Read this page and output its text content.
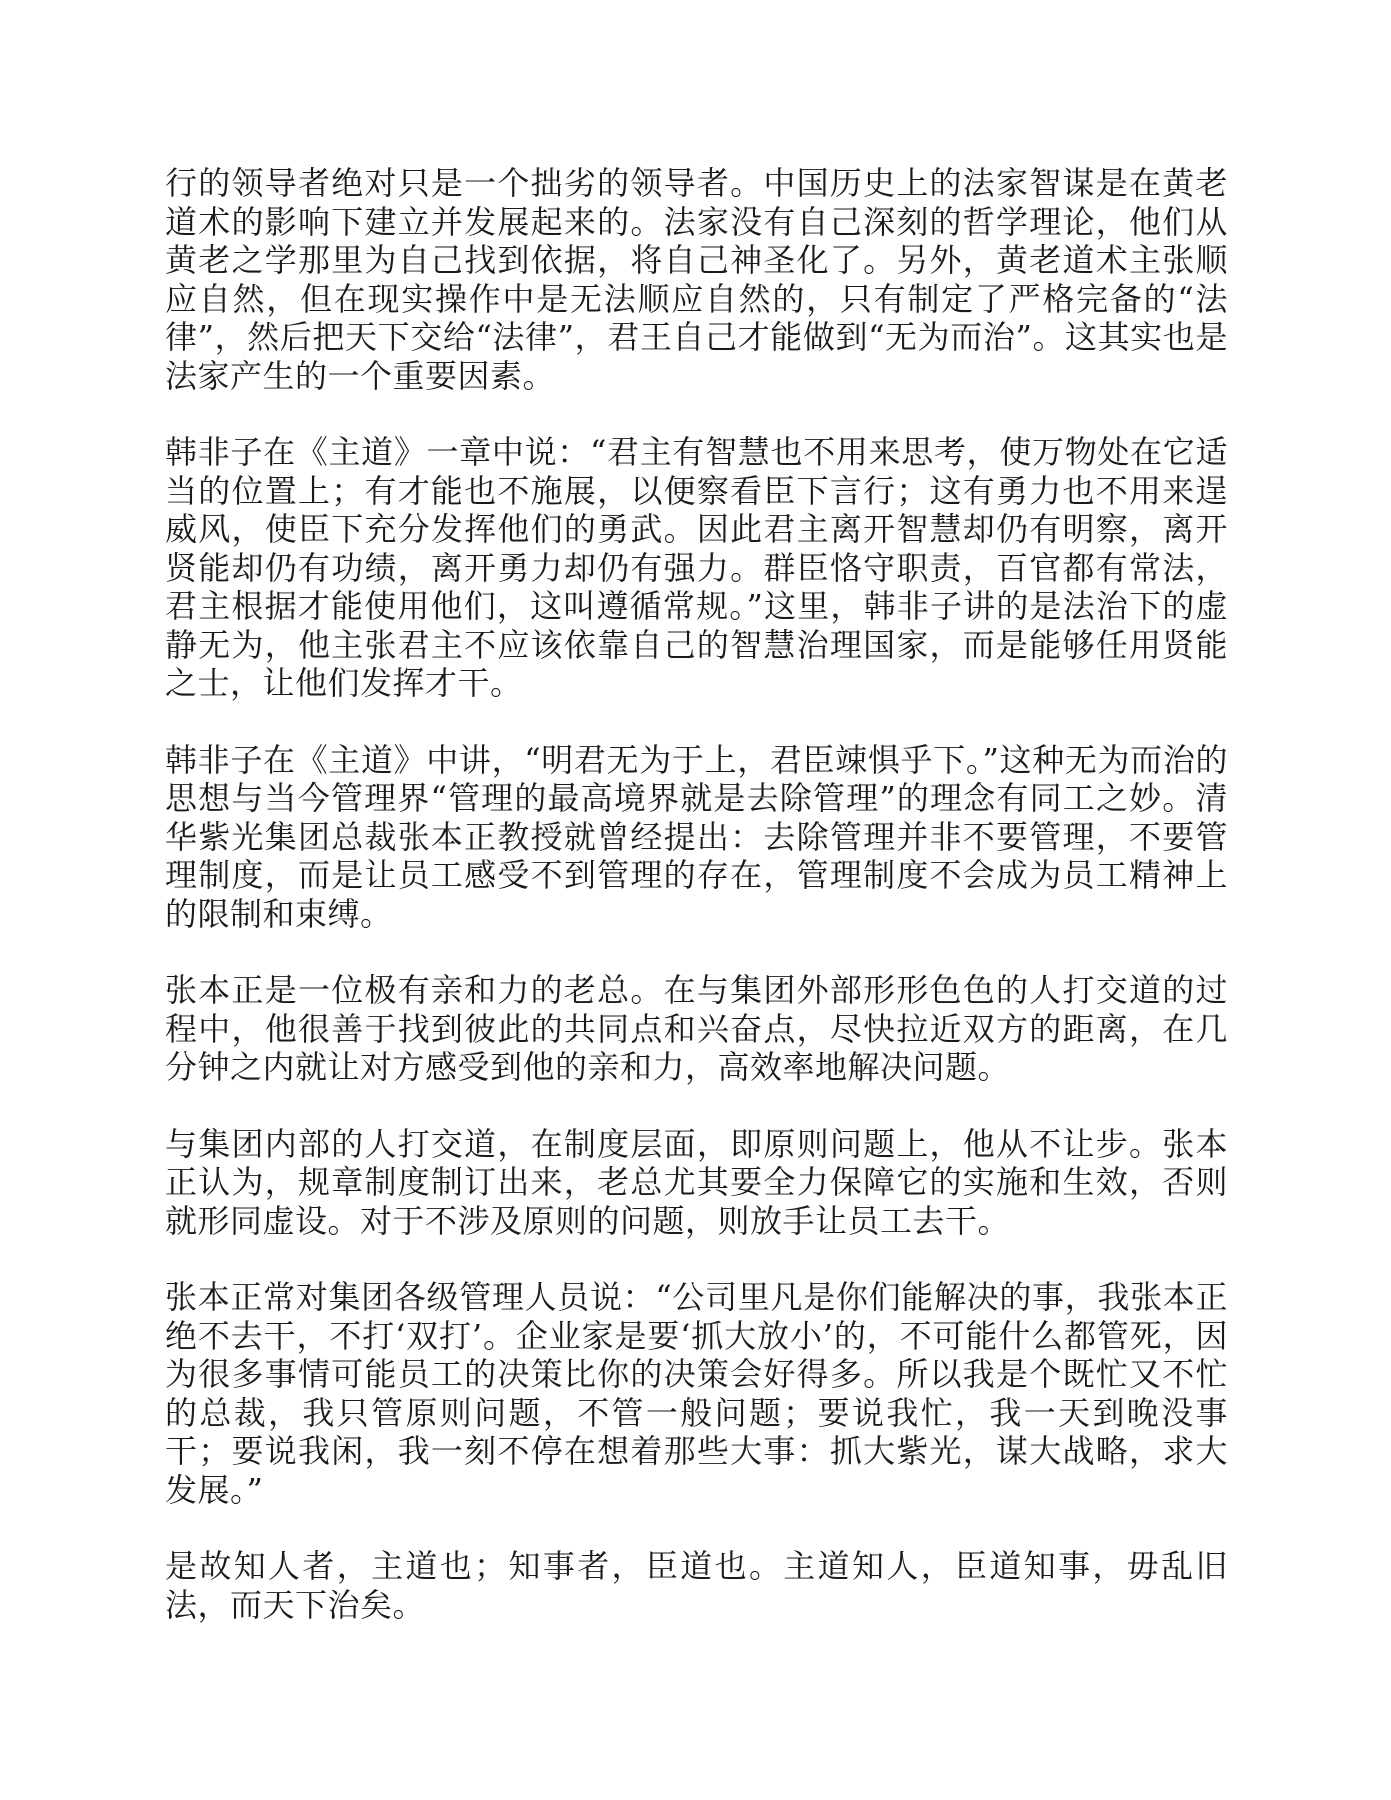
行的领导者绝对只是一个拙劣的领导者。中国历史上的法家智谋是在黄老道术的影响下建立并发展起来的。法家没有自己深刻的哲学理论，他们从黄老之学那里为自己找到依据，将自己神圣化了。另外，黄老道术主张顺应自然，但在现实操作中是无法顺应自然的，只有制定了严格完备的“法律”，然后把天下交给“法律”，君王自己才能做到“无为而治”。这其实也是法家产生的一个重要因素。

韩非子在《主道》一章中说：“君主有智慧也不用来思考，使万物处在它适当的位置上；有才能也不施展，以便察看臣下言行；这有勇力也不用来逞威风，使臣下充分发挥他们的勇武。因此君主离开智慧却仍有明察，离开贤能却仍有功绩，离开勇力却仍有强力。群臣恪守职责，百官都有常法，君主根据才能使用他们，这叫遵循常规。”这里，韩非子讲的是法治下的虚静无为，他主张君主不应该依靠自己的智慧治理国家，而是能够任用贤能之士，让他们发挥才干。

韩非子在《主道》中讲，“明君无为于上，君臣竦惧乎下。”这种无为而治的思想与当今管理界“管理的最高境界就是去除管理”的理念有同工之妙。清华紫光集团总裁张本正教授就曾经提出：去除管理并非不要管理，不要管理制度，而是让员工感受不到管理的存在，管理制度不会成为员工精神上的限制和束缚。

张本正是一位极有亲和力的老总。在与集团外部形形色色的人打交道的过程中，他很善于找到彼此的共同点和兴奋点，尽快拉近双方的距离，在几分钟之内就让对方感受到他的亲和力，高效率地解决问题。

与集团内部的人打交道，在制度层面，即原则问题上，他从不让步。张本正认为，规章制度制订出来，老总尤其要全力保障它的实施和生效，否则就形同虚设。对于不涉及原则的问题，则放手让员工去干。

张本正常对集团各级管理人员说：“公司里凡是你们能解决的事，我张本正绝不去干，不打‘双打’。企业家是要‘抓大放小’的，不可能什么都管死，因为很多事情可能员工的决策比你的决策会好得多。所以我是个既忙又不忙的总裁，我只管原则问题，不管一般问题；要说我忙，我一天到晚没事干；要说我闲，我一刻不停在想着那些大事：抓大紫光，谋大战略，求大发展。”

是故知人者，主道也；知事者，臣道也。主道知人，臣道知事，毋乱旧法，而天下治矣。
